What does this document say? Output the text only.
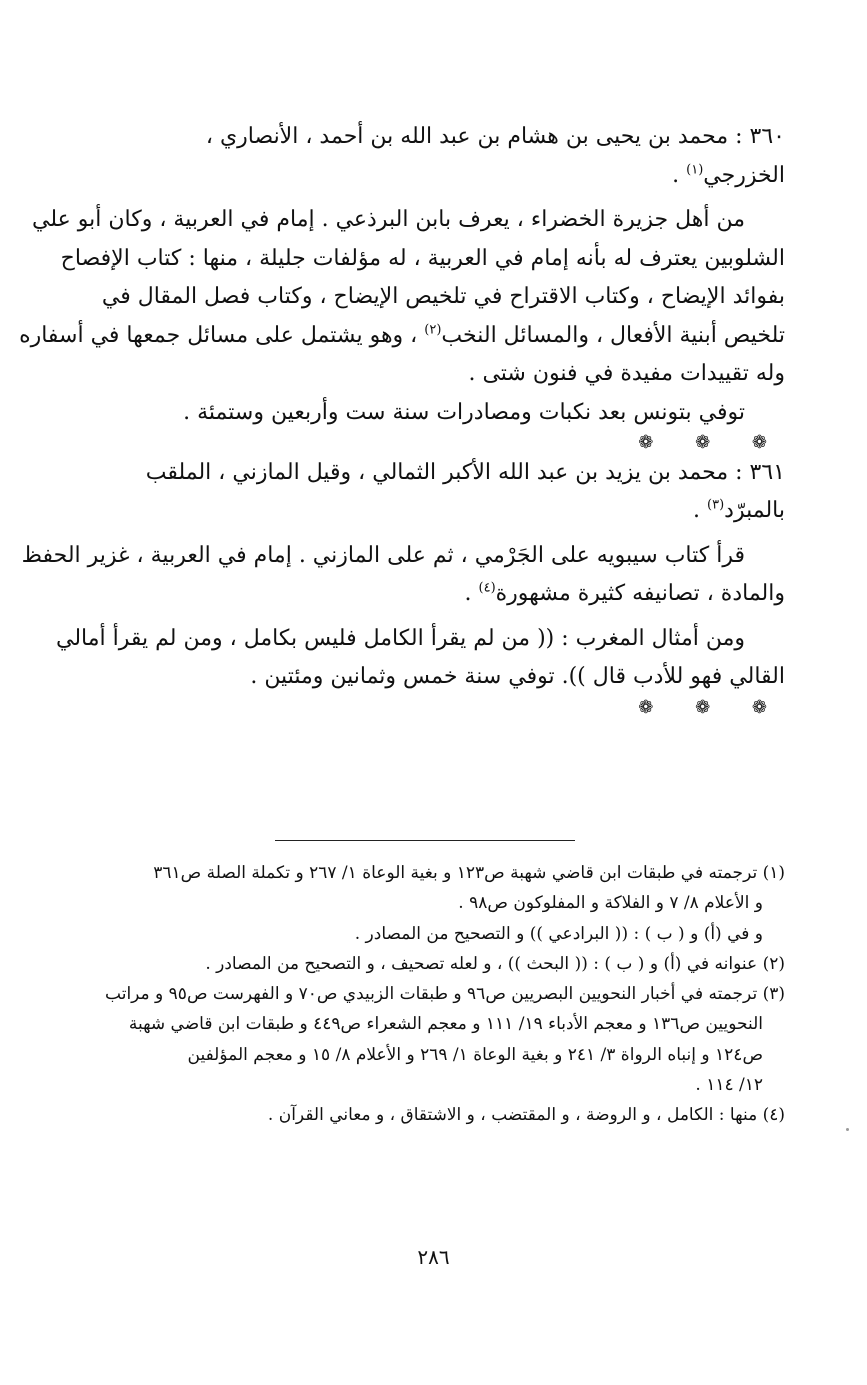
٣٦٠ : محمد بن يحيى بن هشام بن عبد الله بن أحمد ، الأنصاري ،
الخزرجي$^{(١)}$ .
من أهل جزيرة الخضراء ، يعرف بابن البرذعي . إمام في العربية ، وكان أبو علي
الشلوبين يعترف له بأنه إمام في العربية ، له مؤلفات جليلة ، منها : كتاب الإفصاح
بفوائد الإيضاح ، وكتاب الاقتراح في تلخيص الإيضاح ، وكتاب فصل المقال في
تلخيص أبنية الأفعال ، والمسائل النخب$^{(٢)}$ ، وهو يشتمل على مسائل جمعها في أسفاره
وله تقييدات مفيدة في فنون شتى .
توفي بتونس بعد نكبات ومصادرات سنة ست وأربعين وستمئة .
❁ ❁ ❁
٣٦١ : محمد بن يزيد بن عبد الله الأكبر الثمالي ، وقيل المازني ، الملقب
بالمبرّد$^{(٣)}$ .
قرأ كتاب سيبويه على الجَرْمي ، ثم على المازني . إمام في العربية ، غزير الحفظ
والمادة ، تصانيفه كثيرة مشهورة$^{(٤)}$ .
ومن أمثال المغرب : (( من لم يقرأ الكامل فليس بكامل ، ومن لم يقرأ أمالي
القالي فهو للأدب قال )). توفي سنة خمس وثمانين ومئتين .
❁ ❁ ❁
(١) ترجمته في طبقات ابن قاضي شهبة ص١٢٣ و بغية الوعاة ١/ ٢٦٧ و تكملة الصلة ص٣٦١
و الأعلام ٨/ ٧ و الفلاكة و المفلوكون ص٩٨ .
و في (أ) و ( ب ) : (( البرادعي )) و التصحيح من المصادر .
(٢) عنوانه في (أ) و ( ب ) : (( البحث )) ، و لعله تصحيف ، و التصحيح من المصادر .
(٣) ترجمته في أخبار النحويين البصريين ص٩٦ و طبقات الزبيدي ص٧٠ و الفهرست ص٩٥ و مراتب
النحويين ص١٣٦ و معجم الأدباء ١٩/ ١١١ و معجم الشعراء ص٤٤٩ و طبقات ابن قاضي شهبة
ص١٢٤ و إنباه الرواة ٣/ ٢٤١ و بغية الوعاة ١/ ٢٦٩ و الأعلام ٨/ ١٥ و معجم المؤلفين
١٢/ ١١٤ .
(٤) منها : الكامل ، و الروضة ، و المقتضب ، و الاشتقاق ، و معاني القرآن .
٢٨٦
